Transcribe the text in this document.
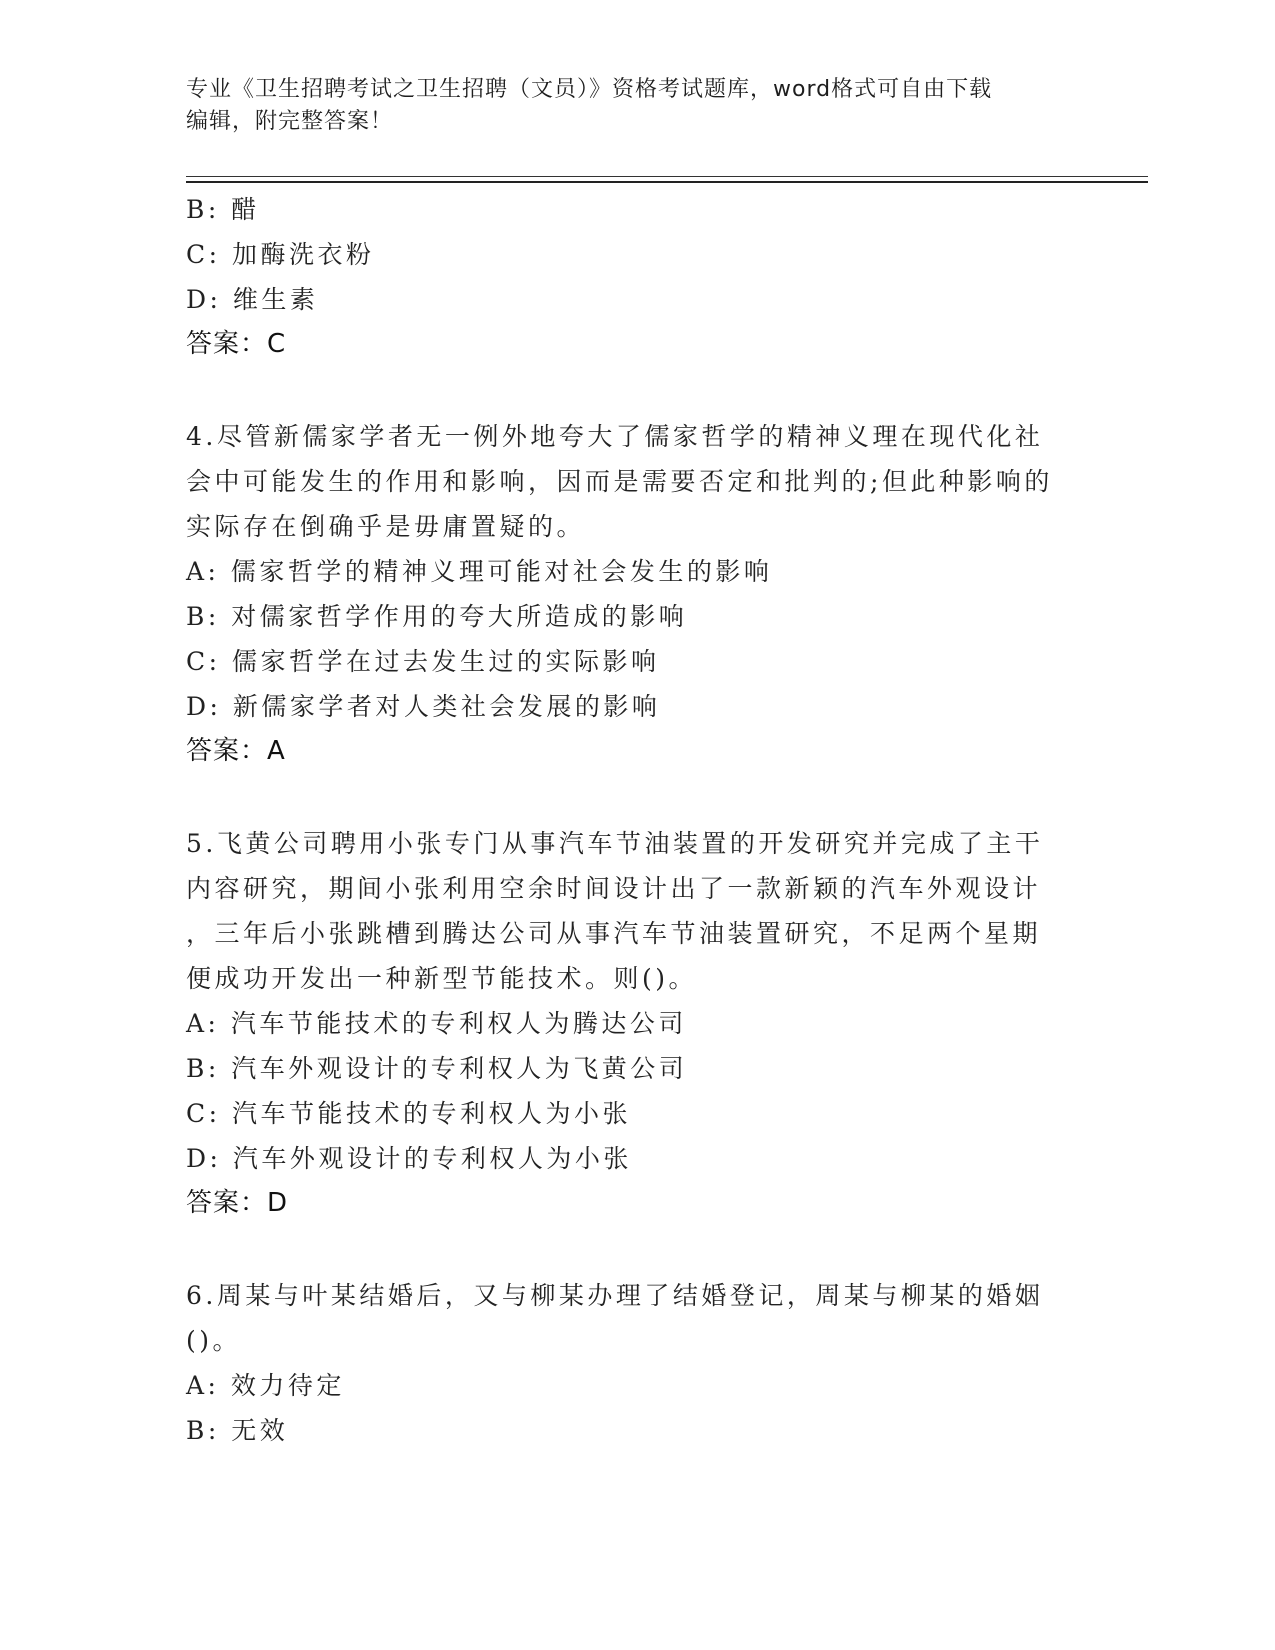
专业《卫生招聘考试之卫生招聘（文员）》资格考试题库，word格式可自由下载
编辑，附完整答案！
B: 醋
C: 加酶洗衣粉
D: 维生素
答案：C
4.尽管新儒家学者无一例外地夸大了儒家哲学的精神义理在现代化社
会中可能发生的作用和影响，因而是需要否定和批判的;但此种影响的
实际存在倒确乎是毋庸置疑的。
A: 儒家哲学的精神义理可能对社会发生的影响
B: 对儒家哲学作用的夸大所造成的影响
C: 儒家哲学在过去发生过的实际影响
D: 新儒家学者对人类社会发展的影响
答案：A
5.飞黄公司聘用小张专门从事汽车节油装置的开发研究并完成了主干
内容研究，期间小张利用空余时间设计出了一款新颖的汽车外观设计
，三年后小张跳槽到腾达公司从事汽车节油装置研究，不足两个星期
便成功开发出一种新型节能技术。则()。
A: 汽车节能技术的专利权人为腾达公司
B: 汽车外观设计的专利权人为飞黄公司
C: 汽车节能技术的专利权人为小张
D: 汽车外观设计的专利权人为小张
答案：D
6.周某与叶某结婚后，又与柳某办理了结婚登记，周某与柳某的婚姻
()。
A: 效力待定
B: 无效
